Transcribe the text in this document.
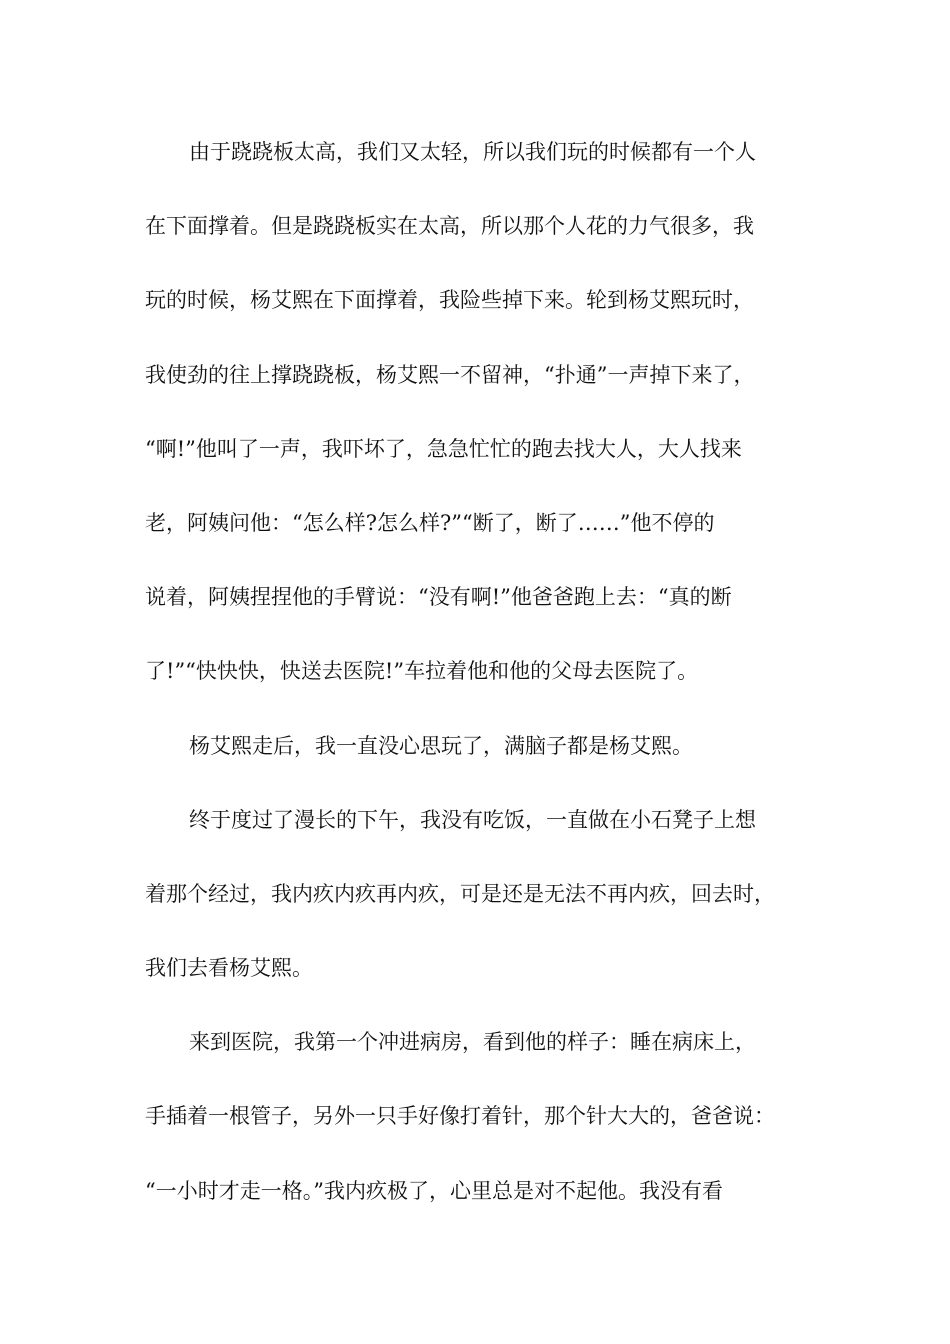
由于跷跷板太高，我们又太轻，所以我们玩的时候都有一个人
在下面撑着。但是跷跷板实在太高，所以那个人花的力气很多，我
玩的时候，杨艾熙在下面撑着，我险些掉下来。轮到杨艾熙玩时，
我使劲的往上撑跷跷板，杨艾熙一不留神，“扑通”一声掉下来了，
“啊!”他叫了一声，我吓坏了，急急忙忙的跑去找大人，大人找来
老，阿姨问他：“怎么样?怎么样?”“断了，断了……”他不停的
说着，阿姨捏捏他的手臂说：“没有啊!”他爸爸跑上去：“真的断
了!”“快快快，快送去医院!”车拉着他和他的父母去医院了。
杨艾熙走后，我一直没心思玩了，满脑子都是杨艾熙。
终于度过了漫长的下午，我没有吃饭，一直做在小石凳子上想
着那个经过，我内疚内疚再内疚，可是还是无法不再内疚，回去时，
我们去看杨艾熙。
来到医院，我第一个冲进病房，看到他的样子：睡在病床上，
手插着一根管子，另外一只手好像打着针，那个针大大的，爸爸说：
“一小时才走一格。”我内疚极了，心里总是对不起他。我没有看
